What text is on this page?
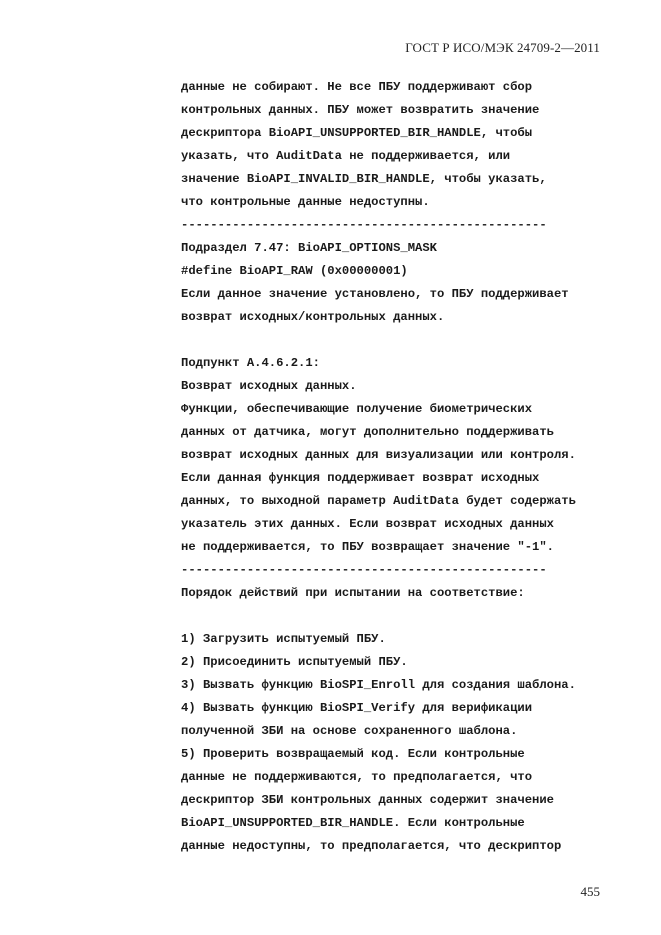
ГОСТ Р ИСО/МЭК 24709-2—2011
данные не собирают. Не все ПБУ поддерживают сбор
контрольных данных. ПБУ может возвратить значение
дескриптора BioAPI_UNSUPPORTED_BIR_HANDLE, чтобы
указать, что AuditData не поддерживается, или
значение BioAPI_INVALID_BIR_HANDLE, чтобы указать,
что контрольные данные недоступны.
--------------------------------------------------
Подраздел 7.47: BioAPI_OPTIONS_MASK
#define BioAPI_RAW (0x00000001)
Если данное значение установлено, то ПБУ поддерживает
возврат исходных/контрольных данных.
Подпункт А.4.6.2.1:
Возврат исходных данных.
Функции, обеспечивающие получение биометрических
данных от датчика, могут дополнительно поддерживать
возврат исходных данных для визуализации или контроля.
Если данная функция поддерживает возврат исходных
данных, то выходной параметр AuditData будет содержать
указатель этих данных. Если возврат исходных данных
не поддерживается, то ПБУ возвращает значение "-1".
--------------------------------------------------
Порядок действий при испытании на соответствие:
1) Загрузить испытуемый ПБУ.
2) Присоединить испытуемый ПБУ.
3) Вызвать функцию BioSPI_Enroll для создания шаблона.
4) Вызвать функцию BioSPI_Verify для верификации
полученной ЗБИ на основе сохраненного шаблона.
5) Проверить возвращаемый код. Если контрольные
данные не поддерживаются, то предполагается, что
дескриптор ЗБИ контрольных данных содержит значение
BioAPI_UNSUPPORTED_BIR_HANDLE. Если контрольные
данные недоступны, то предполагается, что дескриптор
455
